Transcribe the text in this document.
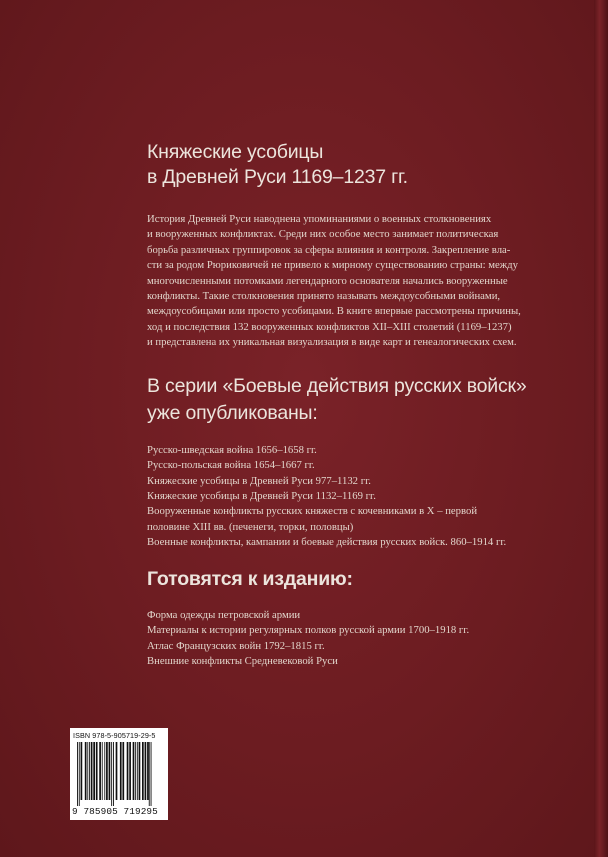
Княжеские усобицы
в Древней Руси 1169–1237 гг.
История Древней Руси наводнена упоминаниями о военных столкновениях
и вооруженных конфликтах. Среди них особое место занимает политическая
борьба различных группировок за сферы влияния и контроля. Закрепление вла-
сти за родом Рюриковичей не привело к мирному существованию страны: между
многочисленными потомками легендарного основателя начались вооруженные
конфликты. Такие столкновения принято называть междоусобными войнами,
междоусобицами или просто усобицами. В книге впервые рассмотрены причины,
ход и последствия 132 вооруженных конфликтов XII–XIII столетий (1169–1237)
и представлена их уникальная визуализация в виде карт и генеалогических схем.
В серии «Боевые действия русских войск»
уже опубликованы:
Русско-шведская война 1656–1658 гг.
Русско-польская война 1654–1667 гг.
Княжеские усобицы в Древней Руси 977–1132 гг.
Княжеские усобицы в Древней Руси 1132–1169 гг.
Вооруженные конфликты русских княжеств с кочевниками в X – первой
половине XIII вв. (печенеги, торки, половцы)
Военные конфликты, кампании и боевые действия русских войск. 860–1914 гг.
Готовятся к изданию:
Форма одежды петровской армии
Материалы к истории регулярных полков русской армии 1700–1918 гг.
Атлас Французских войн 1792–1815 гг.
Внешние конфликты Средневековой Руси
ISBN 978-5-905719-29-5
9 785905 719295
